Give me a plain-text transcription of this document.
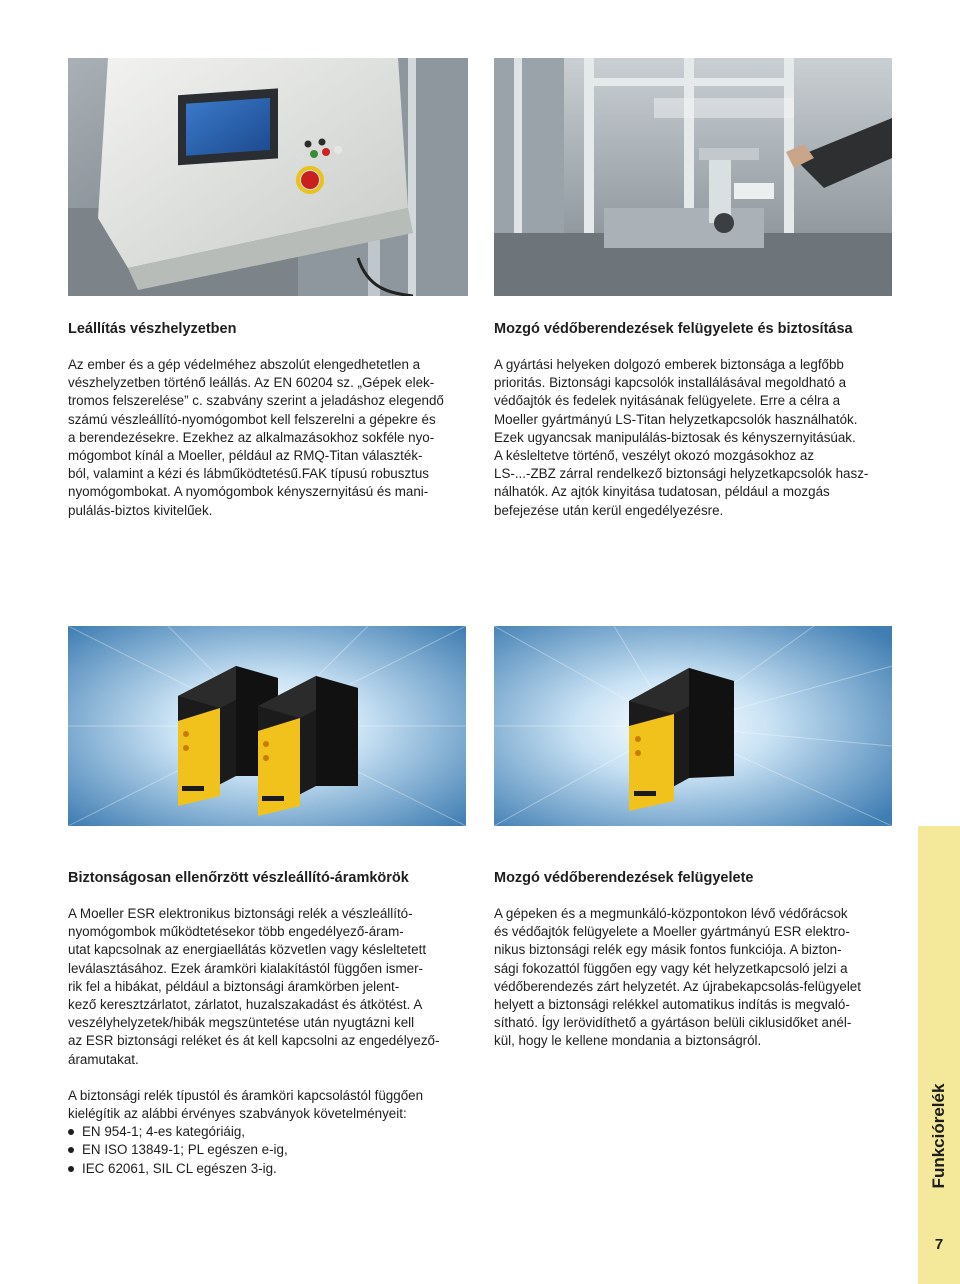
Leállítás vészhelyzetben
Az ember és a gép védelméhez abszolút elengedhetetlen a
vészhelyzetben történő leállás. Az EN 60204 sz. „Gépek elek-
tromos felszerelése” c. szabvány szerint a jeladáshoz elegendő
számú vészleállító-nyomógombot kell felszerelni a gépekre és
a berendezésekre. Ezekhez az alkalmazásokhoz sokféle nyo-
mógombot kínál a Moeller, például az RMQ-Titan választék-
ból, valamint a kézi és lábműködtetésű.FAK típusú robusztus
nyomógombokat. A nyomógombok kényszernyitású és mani-
pulálás-biztos kivitelűek.
Mozgó védőberendezések felügyelete és biztosítása
A gyártási helyeken dolgozó emberek biztonsága a legfőbb
prioritás. Biztonsági kapcsolók installálásával megoldható a
védőajtók és fedelek nyitásának felügyelete. Erre a célra a
Moeller gyártmányú LS-Titan helyzetkapcsolók használhatók.
Ezek ugyancsak manipulálás-biztosak és kényszernyitásúak.
A késleltetve történő, veszélyt okozó mozgásokhoz az
LS-...-ZBZ zárral rendelkező biztonsági helyzetkapcsolók hasz-
nálhatók. Az ajtók kinyitása tudatosan, például a mozgás
befejezése után kerül engedélyezésre.
Biztonságosan ellenőrzött vészleállító-áramkörök
A Moeller ESR elektronikus biztonsági relék a vészleállító-
nyomógombok működtetésekor több engedélyező-áram-
utat kapcsolnak az energiaellátás közvetlen vagy késleltetett
leválasztásához. Ezek áramköri kialakítástól függően ismer-
rik fel a hibákat, például a biztonsági áramkörben jelent-
kező keresztzárlatot, zárlatot, huzalszakadást és átkötést. A
veszélyhelyzetek/hibák megszüntetése után nyugtázni kell
az ESR biztonsági reléket és át kell kapcsolni az engedélyező-
áramutakat.
A biztonsági relék típustól és áramköri kapcsolástól függően
kielégítik az alábbi érvényes szabványok követelményeit:
EN 954-1; 4-es kategóriáig,
EN ISO 13849-1; PL egészen e-ig,
IEC 62061, SIL CL egészen 3-ig.
Mozgó védőberendezések felügyelete
A gépeken és a megmunkáló-központokon lévő védőrácsok
és védőajtók felügyelete a Moeller gyártmányú ESR elektro-
nikus biztonsági relék egy másik fontos funkciója. A bizton-
sági fokozattól függően egy vagy két helyzetkapcsoló jelzi a
védőberendezés zárt helyzetét. Az újrabekapcsolás-felügyelet
helyett a biztonsági relékkel automatikus indítás is megvaló-
sítható. Így lerövidíthető a gyártáson belüli ciklusidőket anél-
kül, hogy le kellene mondania a biztonságról.
Funkciórelék
7
